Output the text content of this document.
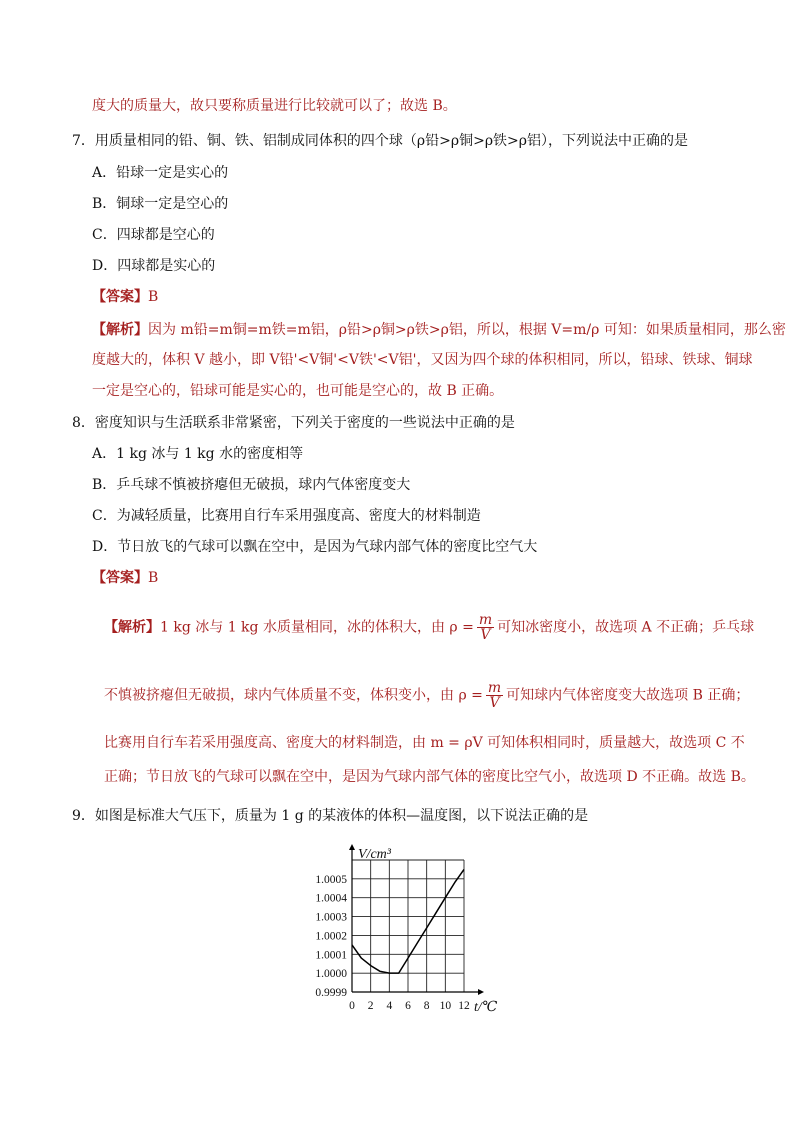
度大的质量大，故只要称质量进行比较就可以了；故选 B。
7．用质量相同的铅、铜、铁、铝制成同体积的四个球（ρ铅>ρ铜>ρ铁>ρ铝），下列说法中正确的是
A．铅球一定是实心的
B．铜球一定是空心的
C．四球都是空心的
D．四球都是实心的
【答案】B
【解析】因为 m铅=m铜=m铁=m铝，ρ铅>ρ铜>ρ铁>ρ铝，所以，根据 V=m/ρ 可知：如果质量相同，那么密
度越大的，体积 V 越小，即 V铅'<V铜'<V铁'<V铝'，又因为四个球的体积相同，所以，铅球、铁球、铜球
一定是空心的，铅球可能是实心的，也可能是空心的，故 B 正确。
8．密度知识与生活联系非常紧密，下列关于密度的一些说法中正确的是
A．1 kg 冰与 1 kg 水的密度相等
B．乒乓球不慎被挤瘪但无破损，球内气体密度变大
C．为减轻质量，比赛用自行车采用强度高、密度大的材料制造
D．节日放飞的气球可以飘在空中，是因为气球内部气体的密度比空气大
【答案】B
【解析】1 kg 冰与 1 kg 水质量相同，冰的体积大，由 $\rho = \frac{m}{V}$ 可知冰密度小，故选项 A 不正确；乒乓球
不慎被挤瘪但无破损，球内气体质量不变，体积变小，由 $\rho = \frac{m}{V}$ 可知球内气体密度变大故选项 B 正确；
比赛用自行车若采用强度高、密度大的材料制造，由 m = ρV 可知体积相同时，质量越大，故选项 C 不
正确；节日放飞的气球可以飘在空中，是因为气球内部气体的密度比空气小，故选项 D 不正确。故选 B。
9．如图是标准大气压下，质量为 1 g 的某液体的体积—温度图，以下说法正确的是
0 2 4 6 8 10 12
0.9999
1.0000
1.0001
1.0002
1.0003
1.0004
1.0005
V/cm³
t/℃
